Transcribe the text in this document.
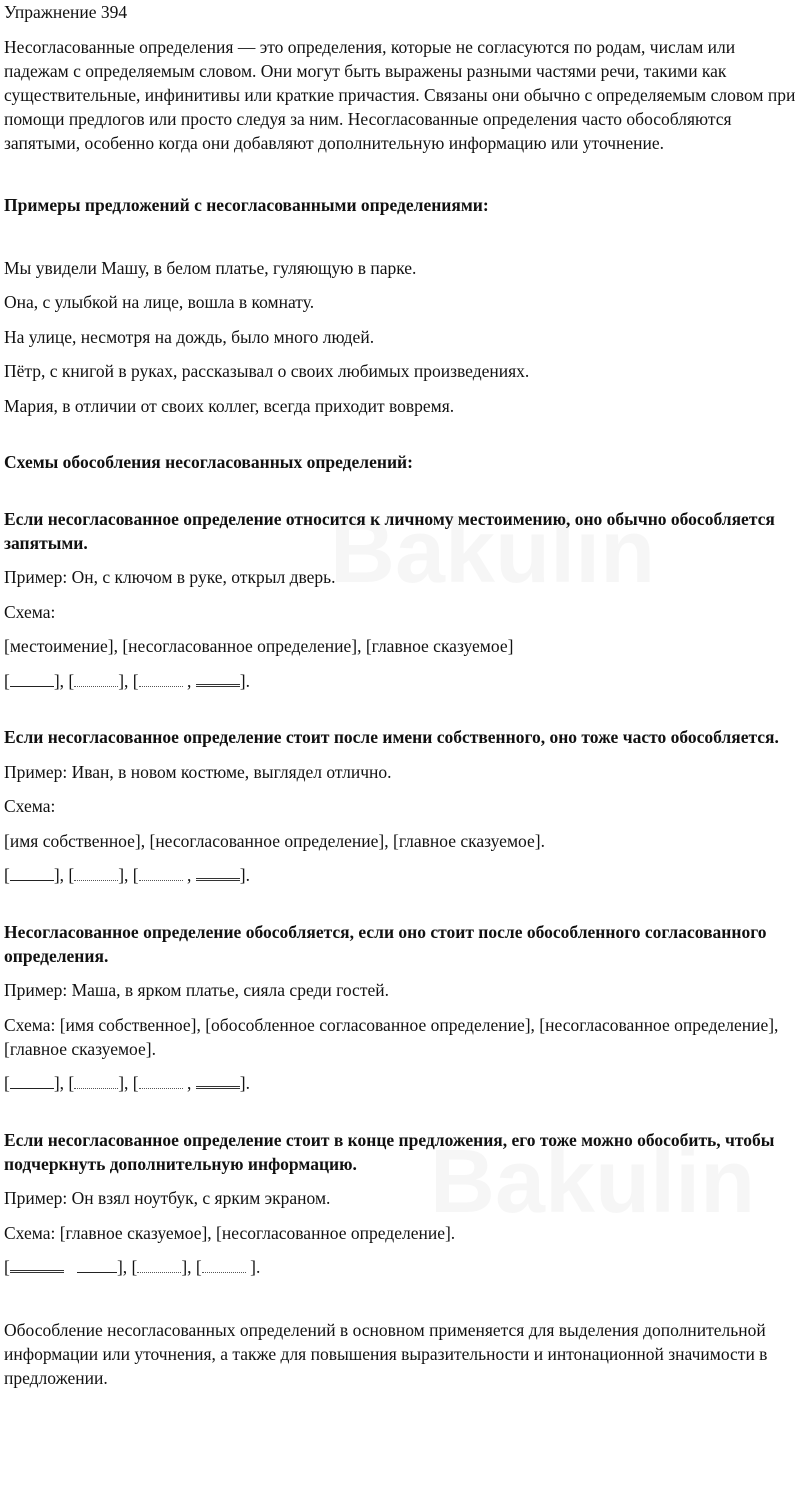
Упражнение 394

Несогласованные определения — это определения, которые не согласуются по родам, числам или падежам с определяемым словом. Они могут быть выражены разными частями речи, такими как существительные, инфинитивы или краткие причастия. Связаны они обычно с определяемым словом при помощи предлогов или просто следуя за ним. Несогласованные определения часто обособляются запятыми, особенно когда они добавляют дополнительную информацию или уточнение.

Примеры предложений с несогласованными определениями:

Мы увидели Машу, в белом платье, гуляющую в парке.

Она, с улыбкой на лице, вошла в комнату.

На улице, несмотря на дождь, было много людей.

Пётр, с книгой в руках, рассказывал о своих любимых произведениях.

Мария, в отличии от своих коллег, всегда приходит вовремя.

Схемы обособления несогласованных определений:

Если несогласованное определение относится к личному местоимению, оно обычно обособляется запятыми.

Пример: Он, с ключом в руке, открыл дверь.

Схема:

[местоимение], [несогласованное определение], [главное сказуемое]

[	], [	], [	,	].

Если несогласованное определение стоит после имени собственного, оно тоже часто обособляется.

Пример: Иван, в новом костюме, выглядел отлично.

Схема:

[имя собственное], [несогласованное определение], [главное сказуемое].

[	], [	], [	,	].

Несогласованное определение обособляется, если оно стоит после обособленного согласованного определения.

Пример: Маша, в ярком платье, сияла среди гостей.

Схема: [имя собственное], [обособленное согласованное определение], [несогласованное определение], [главное сказуемое].

[	], [	], [	,	].

Если несогласованное определение стоит в конце предложения, его тоже можно обособить, чтобы подчеркнуть дополнительную информацию.

Пример: Он взял ноутбук, с ярким экраном.

Схема: [главное сказуемое], [несогласованное определение].

[	], [	], [	].

Обособление несогласованных определений в основном применяется для выделения дополнительной информации или уточнения, а также для повышения выразительности и интонационной значимости в предложении.
